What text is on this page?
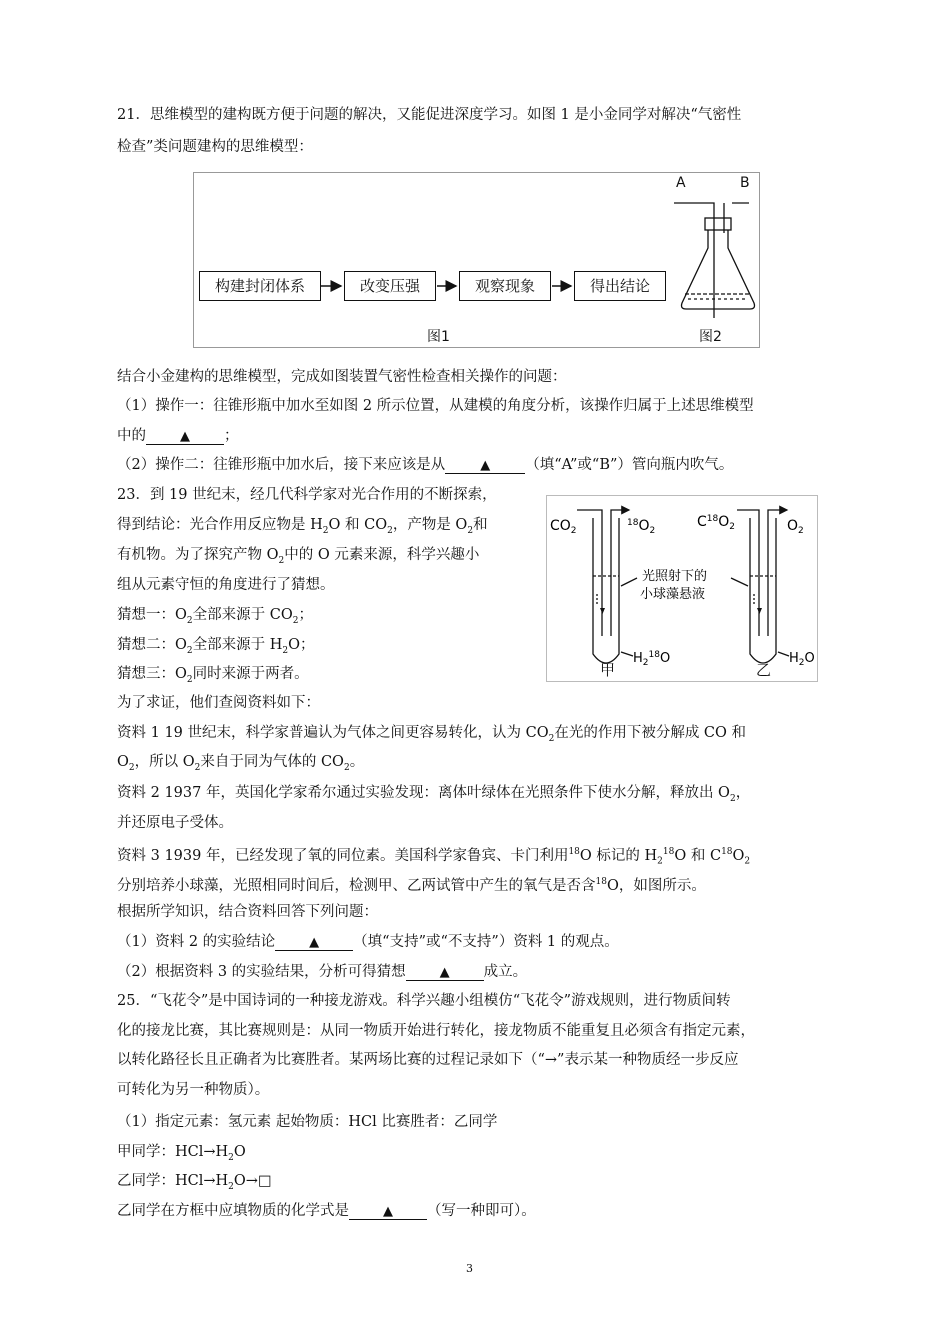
21．思维模型的建构既方便于问题的解决，又能促进深度学习。如图 1 是小金同学对解决“气密性
检查”类问题建构的思维模型：
构建封闭体系	改变压强	观察现象	得出结论
A	B
图1	图2
结合小金建构的思维模型，完成如图装置气密性检查相关操作的问题：
（1）操作一：往锥形瓶中加水至如图 2 所示位置，从建模的角度分析，该操作归属于上述思维模型
中的	▲ ；
（2）操作二：往锥形瓶中加水后，接下来应该是从	▲ （填“A”或“B”）管向瓶内吹气。
23．到 19 世纪末，经几代科学家对光合作用的不断探索，
得到结论：光合作用反应物是 $H_2O$ 和 $CO_2$，产物是 $O_2$和
有机物。为了探究产物 $O_2$中的 O 元素来源，科学兴趣小
组从元素守恒的角度进行了猜想。
猜想一：$O_2$全部来源于 $CO_2$；
猜想二：$O_2$全部来源于 $H_2O$；
猜想三：$O_2$同时来源于两者。
为了求证，他们查阅资料如下：
资料 1 19 世纪末，科学家普遍认为气体之间更容易转化，认为 $CO_2$在光的作用下被分解成 CO 和
$O_2$，所以 $O_2$来自于同为气体的 $CO_2$。
资料 2 1937 年，英国化学家希尔通过实验发现：离体叶绿体在光照条件下使水分解，释放出 $O_2$，
并还原电子受体。
资料 3 1939 年，已经发现了氧的同位素。美国科学家鲁宾、卡门利用$^{18}$O 标记的 $H_2^{18}O$ 和 $C^{18}O_2$
分别培养小球藻，光照相同时间后，检测甲、乙两试管中产生的氧气是否含$^{18}$O，如图所示。
根据所学知识，结合资料回答下列问题：
（1）资料 2 的实验结论	▲ （填“支持”或“不支持”）资料 1 的观点。
（2）根据资料 3 的实验结果，分析可得猜想	▲ 成立。
$CO_2$
$^{18}O_2$
$C^{18}O_2$	$O_2$
光照射下的
小球藻悬液
$H_2^{18}O$	$H_2O$
甲	乙
25．“飞花令”是中国诗词的一种接龙游戏。科学兴趣小组模仿“飞花令”游戏规则，进行物质间转
化的接龙比赛，其比赛规则是：从同一物质开始进行转化，接龙物质不能重复且必须含有指定元素，
以转化路径长且正确者为比赛胜者。某两场比赛的过程记录如下（“→”表示某一种物质经一步反应
可转化为另一种物质）。
（1）指定元素：氢元素 起始物质：HCl 比赛胜者：乙同学
甲同学：$HCl\to H_2O$
乙同学：$HCl\to H_2O\to□$
乙同学在方框中应填物质的化学式是	▲ （写一种即可）。
3
